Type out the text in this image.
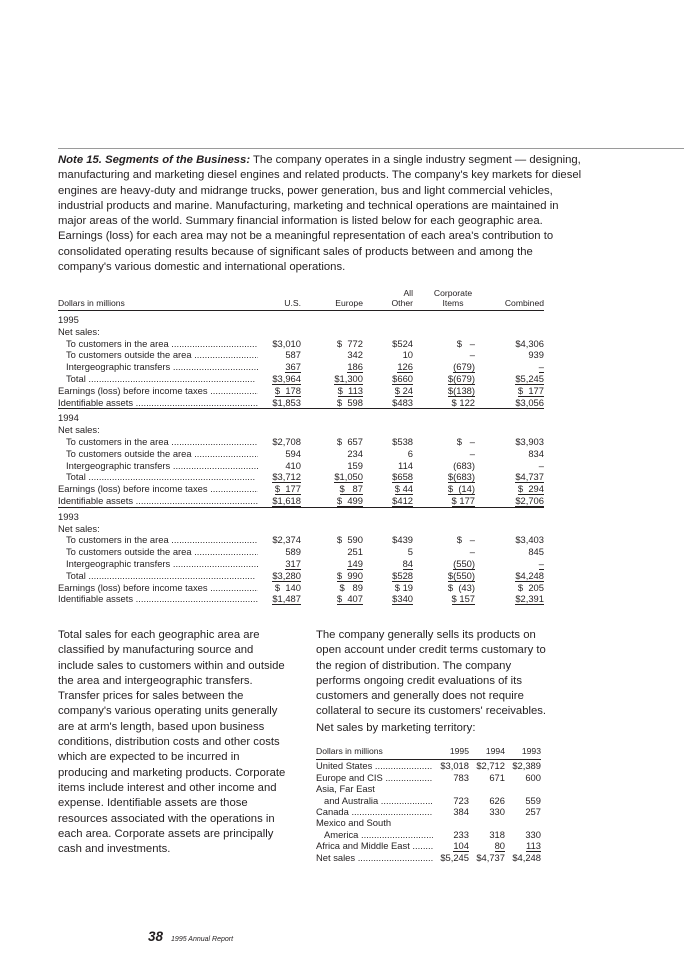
Note 15. Segments of the Business: The company operates in a single industry segment — designing, manufacturing and marketing diesel engines and related products. The company's key markets for diesel engines are heavy-duty and midrange trucks, power generation, bus and light commercial vehicles, industrial products and marine. Manufacturing, marketing and technical operations are maintained in major areas of the world. Summary financial information is listed below for each geographic area. Earnings (loss) for each area may not be a meaningful representation of each area's contribution to consolidated operating results because of significant sales of products between and among the company's various domestic and international operations.

Dollars in millions	U.S.	Europe	All Other	Corporate Items	Combined
1995					
Net sales:					
To customers in the area .....	$3,010	$  772	$524	$   –	$4,306
To customers outside the area .....	587	342	10	–	939
Intergeographic transfers .....	367	186	126	(679)	–
Total .....	$3,964	$1,300	$660	$(679)	$5,245
Earnings (loss) before income taxes .....	$  178	$  113	$ 24	$(138)	$  177
Identifiable assets .....	$1,853	$  598	$483	$ 122	$3,056
1994					
Net sales:					
To customers in the area .....	$2,708	$  657	$538	$   –	$3,903
To customers outside the area .....	594	234	6	–	834
Intergeographic transfers .....	410	159	114	(683)	–
Total .....	$3,712	$1,050	$658	$(683)	$4,737
Earnings (loss) before income taxes .....	$  177	$   87	$ 44	$  (14)	$  294
Identifiable assets .....	$1,618	$  499	$412	$ 177	$2,706
1993					
Net sales:					
To customers in the area .....	$2,374	$  590	$439	$   –	$3,403
To customers outside the area .....	589	251	5	–	845
Intergeographic transfers .....	317	149	84	(550)	–
Total .....	$3,280	$  990	$528	$(550)	$4,248
Earnings (loss) before income taxes .....	$  140	$   89	$ 19	$  (43)	$  205
Identifiable assets .....	$1,487	$  407	$340	$ 157	$2,391

Total sales for each geographic area are classified by manufacturing source and include sales to customers within and outside the area and intergeographic transfers. Transfer prices for sales between the company's various operating units generally are at arm's length, based upon business conditions, distribution costs and other costs which are expected to be incurred in producing and marketing products. Corporate items include interest and other income and expense. Identifiable assets are those resources associated with the operations in each area. Corporate assets are principally cash and investments.

The company generally sells its products on open account under credit terms customary to the region of distribution. The company performs ongoing credit evaluations of its customers and generally does not require collateral to secure its customers' receivables.

Net sales by marketing territory:

Dollars in millions	1995	1994	1993
United States .....	$3,018	$2,712	$2,389
Europe and CIS .....	783	671	600
Asia, Far East			
and Australia .....	723	626	559
Canada .....	384	330	257
Mexico and South			
America .....	233	318	330
Africa and Middle East .....	104	80	113
Net sales .....	$5,245	$4,737	$4,248
38 1995 Annual Report
